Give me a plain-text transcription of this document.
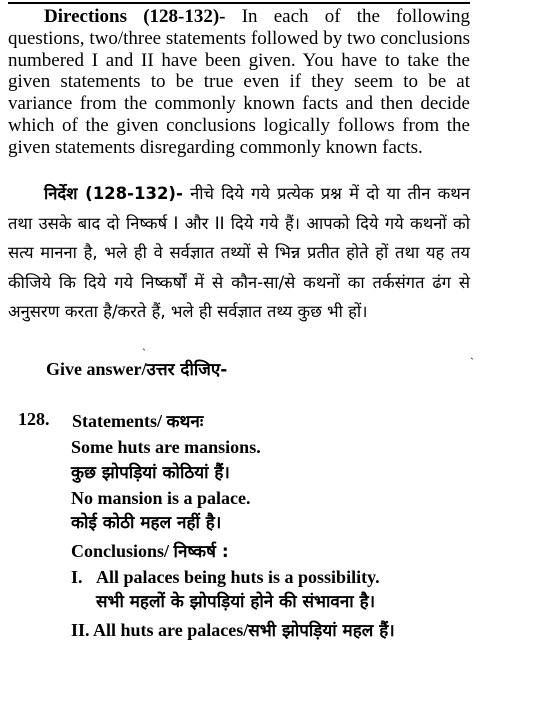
Directions (128-132)- In each of the following questions, two/three statements followed by two conclusions numbered I and II have been given. You have to take the given statements to be true even if they seem to be at variance from the commonly known facts and then decide which of the given conclusions logically follows from the given statements disregarding commonly known facts.
निर्देश (128-132)- नीचे दिये गये प्रत्येक प्रश्न में दो या तीन कथन तथा उसके बाद दो निष्कर्ष I और II दिये गये हैं। आपको दिये गये कथनों को सत्य मानना है, भले ही वे सर्वज्ञात तथ्यों से भिन्न प्रतीत होते हों तथा यह तय कीजिये कि दिये गये निष्कर्षों में से कौन-सा/से कथनों का तर्कसंगत ढंग से अनुसरण करता है/करते हैं, भले ही सर्वज्ञात तथ्य कुछ भी हों।
ˋ	ˏ
Give answer/उत्तर दीजिए-
128. Statements/ कथनः
Some huts are mansions.
कुछ झोपड़ियां कोठियां हैं।
No mansion is a palace.
कोई कोठी महल नहीं है।
Conclusions/ निष्कर्ष :
I. All palaces being huts is a possibility.
सभी महलों के झोपड़ियां होने की संभावना है।
II. All huts are palaces/सभी झोपड़ियां महल हैं।
